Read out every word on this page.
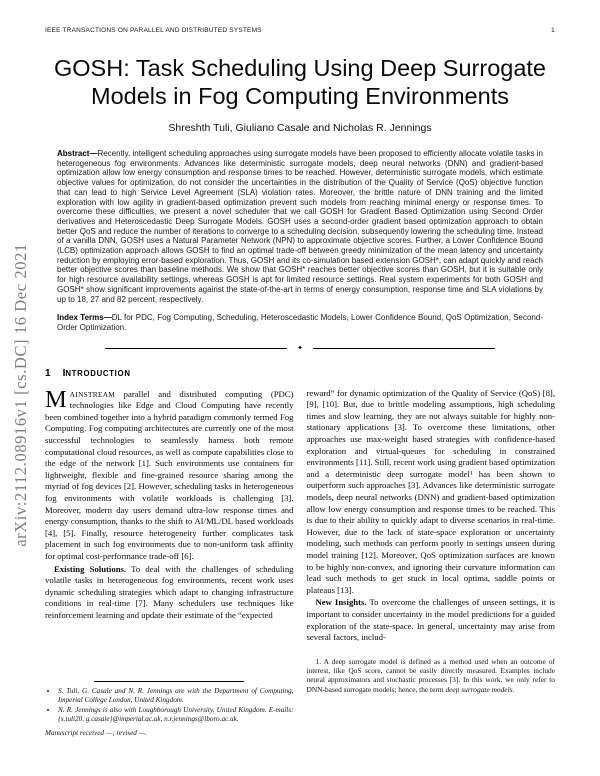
arXiv:2112.08916v1 [cs.DC] 16 Dec 2021
IEEE TRANSACTIONS ON PARALLEL AND DISTRIBUTED SYSTEMS	1
GOSH: Task Scheduling Using Deep Surrogate Models in Fog Computing Environments
Shreshth Tuli, Giuliano Casale and Nicholas R. Jennings

Abstract—Recently, intelligent scheduling approaches using surrogate models have been proposed to efficiently allocate volatile tasks in heterogeneous fog environments. Advances like deterministic surrogate models, deep neural networks (DNN) and gradient-based optimization allow low energy consumption and response times to be reached. However, deterministic surrogate models, which estimate objective values for optimization, do not consider the uncertainties in the distribution of the Quality of Service (QoS) objective function that can lead to high Service Level Agreement (SLA) violation rates. Moreover, the brittle nature of DNN training and the limited exploration with low agility in gradient-based optimization prevent such models from reaching minimal energy or response times. To overcome these difficulties, we present a novel scheduler that we call GOSH for Gradient Based Optimization using Second Order derivatives and Heteroscedastic Deep Surrogate Models. GOSH uses a second-order gradient based optimization approach to obtain better QoS and reduce the number of iterations to converge to a scheduling decision, subsequently lowering the scheduling time. Instead of a vanilla DNN, GOSH uses a Natural Parameter Network (NPN) to approximate objective scores. Further, a Lower Confidence Bound (LCB) optimization approach allows GOSH to find an optimal trade-off between greedy minimization of the mean latency and uncertainty reduction by employing error-based exploration. Thus, GOSH and its co-simulation based extension GOSH*, can adapt quickly and reach better objective scores than baseline methods. We show that GOSH* reaches better objective scores than GOSH, but it is suitable only for high resource availability settings, whereas GOSH is apt for limited resource settings. Real system experiments for both GOSH and GOSH* show significant improvements against the state-of-the-art in terms of energy consumption, response time and SLA violations by up to 18, 27 and 82 percent, respectively.

Index Terms—DL for PDC, Fog Computing, Scheduling, Heteroscedastic Models, Lower Confidence Bound, QoS Optimization, Second-Order Optimization.

✦
1 INTRODUCTION

MAINSTREAM parallel and distributed computing (PDC) technologies like Edge and Cloud Computing have recently been combined together into a hybrid paradigm commonly termed Fog Computing. Fog computing architectures are currently one of the most successful technologies to seamlessly harness both remote computational cloud resources, as well as compute capabilities close to the edge of the network [1]. Such environments use containers for lightweight, flexible and fine-grained resource sharing among the myriad of fog devices [2]. However, scheduling tasks in heterogeneous fog environments with volatile workloads is challenging [3]. Moreover, modern day users demand ultra-low response times and energy consumption, thanks to the shift to AI/ML/DL based workloads [4], [5]. Finally, resource heterogeneity further complicates task placement in such fog environments due to non-uniform task affinity for optimal cost-performance trade-off [6].

Existing Solutions. To deal with the challenges of scheduling volatile tasks in heterogeneous fog environments, recent work uses dynamic scheduling strategies which adapt to changing infrastructure conditions in real-time [7]. Many schedulers use techniques like reinforcement learning and update their estimate of the “expected

• S. Tuli, G. Casale and N. R. Jennings are with the Department of Computing, Imperial College London, United Kingdom.
• N. R. Jennings is also with Loughborough University, United Kingdom. E-mails: {s.tuli20, g.casale}@imperial.ac.uk, n.r.jennings@lboro.ac.uk.

Manuscript received —; revised —.

reward” for dynamic optimization of the Quality of Service (QoS) [8], [9], [10]. But, due to brittle modeling assumptions, high scheduling times and slow learning, they are not always suitable for highly non-stationary applications [3]. To overcome these limitations, other approaches use max-weight based strategies with confidence-based exploration and virtual-queues for scheduling in constrained environments [11]. Still, recent work using gradient based optimization and a deterministic deep surrogate model¹ has been shown to outperform such approaches [3]. Advances like deterministic surrogate models, deep neural networks (DNN) and gradient-based optimization allow low energy consumption and response times to be reached. This is due to their ability to quickly adapt to diverse scenarios in real-time. However, due to the lack of state-space exploration or uncertainty modeling, such methods can perform poorly in settings unseen during model training [12]. Moreover, QoS optimization surfaces are known to be highly non-convex, and ignoring their curvature information can lead such methods to get stuck in local optima, saddle points or plateaus [13].

New Insights. To overcome the challenges of unseen settings, it is important to consider uncertainty in the model predictions for a guided exploration of the state-space. In general, uncertainty may arise from several factors, includ-

1. A deep surrogate model is defined as a method used when an outcome of interest, like QoS score, cannot be easily directly measured. Examples include neural approximators and stochastic processes [3]. In this work, we only refer to DNN-based surrogate models; hence, the term deep surrogate models.
